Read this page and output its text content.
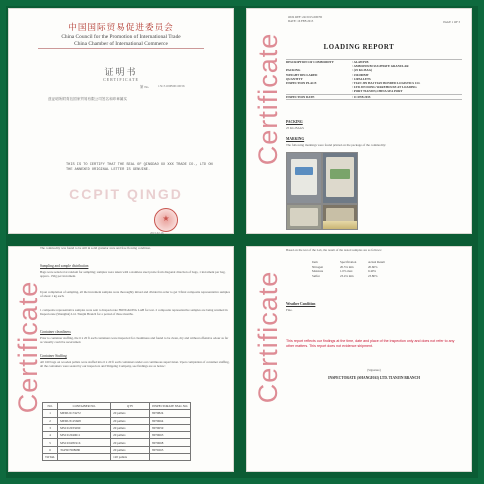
中国国际贸易促进委员会
China Council for the Promotion of International Trade
China Chamber of International Commerce
证明书
CERTIFICATE
第 No.	15C3100B0010036
兹证明所附青岛国家贸易有限公司签名和印章属实
THIS IS TO CERTIFY THAT THE SEAL OF QINGDAO XX XXX TRADE CO., LTD ON THE ANNEXED ORIGINAL LETTER IS GENUINE.
CCPIT QINGD
★
2015.02.16
OUR REF: 2415015-00070I
DATE: 16 FEB 2015	PAGE 1 OF 3
LOADING REPORT
DESCRIPTION OF COMMODITY	: ALAWIYB
: AMMONIUM SULPHATE GRANULAR
PACKING	: (25 KG BAG)
WEIGHT DECLARED	: 250.000MT
QUANTITY	: 12PALLETS
INSPECTION PLACE	: TIAN JIN HAI TIAN BONDED LOGISTICS CO.
: LTD JIN DONG WAREHOUSE AT LOADING
: PORT TIANJIN,CHINA SEA PORT
INSPECTION DATE	: 11 FEB 2015
PACKING
25 KG BAGS
MARKING
The following markings were found printed on the package of the commodity:
Certificate
The commodity was found to be still in solid granular state and free flowing condition.
Sampling and sample distribution
Bags were selected at random for sampling; samples were taken with a stainless steel probe from diagonal direction of bags, 1 increment per bag, approx. 150g per increment.
Upon completion of sampling, all the increment samples were thoroughly mixed and divided in order to get 3 final composite representative samples of about 1 kg each.
1 composite representative samples were sent to Inspectorate HONGKONG LAB for test. 2 composite representative samples are being retained in Inspectorate (Shanghai) Ltd. Tianjin Branch for a period of three months.
Container cleanliness
Prior to container stuffing, the 6 x 20 ft each containers were inspected for cleanliness and found to be clean, dry and without offensive odour as far as visually could be ascertained.
Container Stuffing
All 160 bags on wooden pallets were stuffed into 6 x 20 ft each containers under our continuous supervision. Upon completion of container stuffing, all the containers were sealed by our inspectors and Shipping Company, see findings are as below:
NO.	CONTAINER NO.	QTY	INSPECTORATE SEAL NO.
1	MEDU2174272	20 pallets	8070824
2	MEDU3125668	20 pallets	8070664
3	MSCU2033290	20 pallets	8070659
4	MSCU2040611	20 pallets	8070663
5	MSCU6281916	20 pallets	8070668
6	TGHU7008680	20 pallets	8070265
TOTAL		120 pallets	
Certificate
Based on the test of the Lab, the result of the tested samples are as follows:
Item	Specification	Actual Result
Nitrogen	20.5% min	20.60%
Moisture	1.0% max	0.40%
Sulfur	23.4% min	23.80%
Weather Condition
Fine.
This report reflects our findings at the time, date and place of the inspection only and does not refer to any other matters. This report does not evidence shipment.
(Signature)
INSPECTORATE (SHANGHAI) LTD. TIANJIN BRANCH
Certificate
